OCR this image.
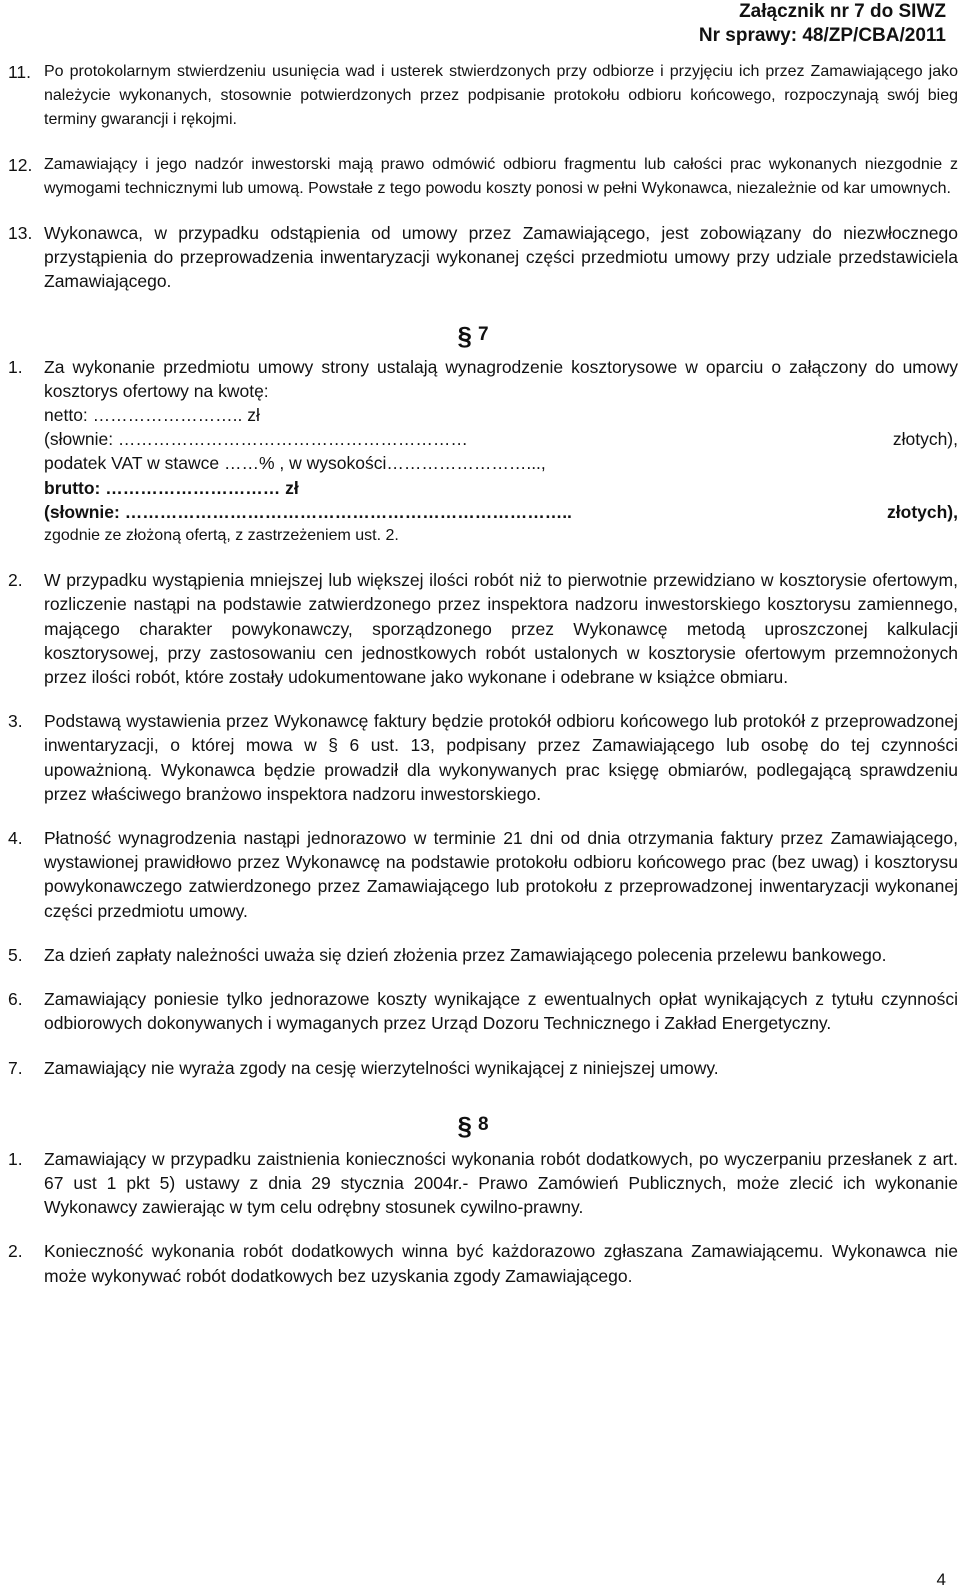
Załącznik nr 7 do SIWZ
Nr sprawy: 48/ZP/CBA/2011
11. Po protokolarnym stwierdzeniu usunięcia wad i usterek stwierdzonych przy odbiorze i przyjęciu ich przez Zamawiającego jako należycie wykonanych, stosownie potwierdzonych przez podpisanie protokołu odbioru końcowego, rozpoczynają swój bieg terminy gwarancji i rękojmi.
12. Zamawiający i jego nadzór inwestorski mają prawo odmówić odbioru fragmentu lub całości prac wykonanych niezgodnie z wymogami technicznymi lub umową. Powstałe z tego powodu koszty ponosi w pełni Wykonawca, niezależnie od kar umownych.
13. Wykonawca, w przypadku odstąpienia od umowy przez Zamawiającego, jest zobowiązany do niezwłocznego przystąpienia do przeprowadzenia inwentaryzacji wykonanej części przedmiotu umowy przy udziale przedstawiciela Zamawiającego.
§ 7
1.	Za wykonanie przedmiotu umowy strony ustalają wynagrodzenie kosztorysowe w oparciu o załączony do umowy kosztorys ofertowy na kwotę:
netto: …………………….. zł
(słownie: ……………………………………………………	złotych),
podatek VAT w stawce ……% , w wysokości……………………...,
brutto: ………………………… zł
(słownie: …………………………………………………………………..	złotych),
zgodnie ze złożoną ofertą, z zastrzeżeniem ust. 2.
2.	W przypadku wystąpienia mniejszej lub większej ilości robót niż to pierwotnie przewidziano w kosztorysie ofertowym, rozliczenie nastąpi na podstawie zatwierdzonego przez inspektora nadzoru inwestorskiego kosztorysu zamiennego, mającego charakter powykonawczy, sporządzonego przez Wykonawcę metodą uproszczonej kalkulacji kosztorysowej, przy zastosowaniu cen jednostkowych robót ustalonych w kosztorysie ofertowym przemnożonych przez ilości robót, które zostały udokumentowane jako wykonane i odebrane w książce obmiaru.
3.	Podstawą wystawienia przez Wykonawcę faktury będzie protokół odbioru końcowego lub protokół z przeprowadzonej inwentaryzacji, o której mowa w § 6 ust. 13, podpisany przez Zamawiającego lub osobę do tej czynności upoważnioną. Wykonawca będzie prowadził dla wykonywanych prac księgę obmiarów, podlegającą sprawdzeniu przez właściwego branżowo inspektora nadzoru inwestorskiego.
4.	Płatność wynagrodzenia nastąpi jednorazowo w terminie 21 dni od dnia otrzymania faktury przez Zamawiającego, wystawionej prawidłowo przez Wykonawcę na podstawie protokołu odbioru końcowego prac (bez uwag) i kosztorysu powykonawczego zatwierdzonego przez Zamawiającego lub protokołu z przeprowadzonej inwentaryzacji wykonanej części przedmiotu umowy.
5.	Za dzień zapłaty należności uważa się dzień złożenia przez Zamawiającego polecenia przelewu bankowego.
6.	Zamawiający poniesie tylko jednorazowe koszty wynikające z ewentualnych opłat wynikających z tytułu czynności odbiorowych dokonywanych i wymaganych przez Urząd Dozoru Technicznego i Zakład Energetyczny.
7.	Zamawiający nie wyraża zgody na cesję wierzytelności wynikającej z niniejszej umowy.
§ 8
1.	Zamawiający w przypadku zaistnienia konieczności wykonania robót dodatkowych, po wyczerpaniu przesłanek z art. 67 ust 1 pkt 5) ustawy z dnia 29 stycznia 2004r.- Prawo Zamówień Publicznych, może zlecić ich wykonanie Wykonawcy zawierając w tym celu odrębny stosunek cywilno-prawny.
2.	Konieczność wykonania robót dodatkowych winna być każdorazowo zgłaszana Zamawiającemu. Wykonawca nie może wykonywać robót dodatkowych bez uzyskania zgody Zamawiającego.
4
